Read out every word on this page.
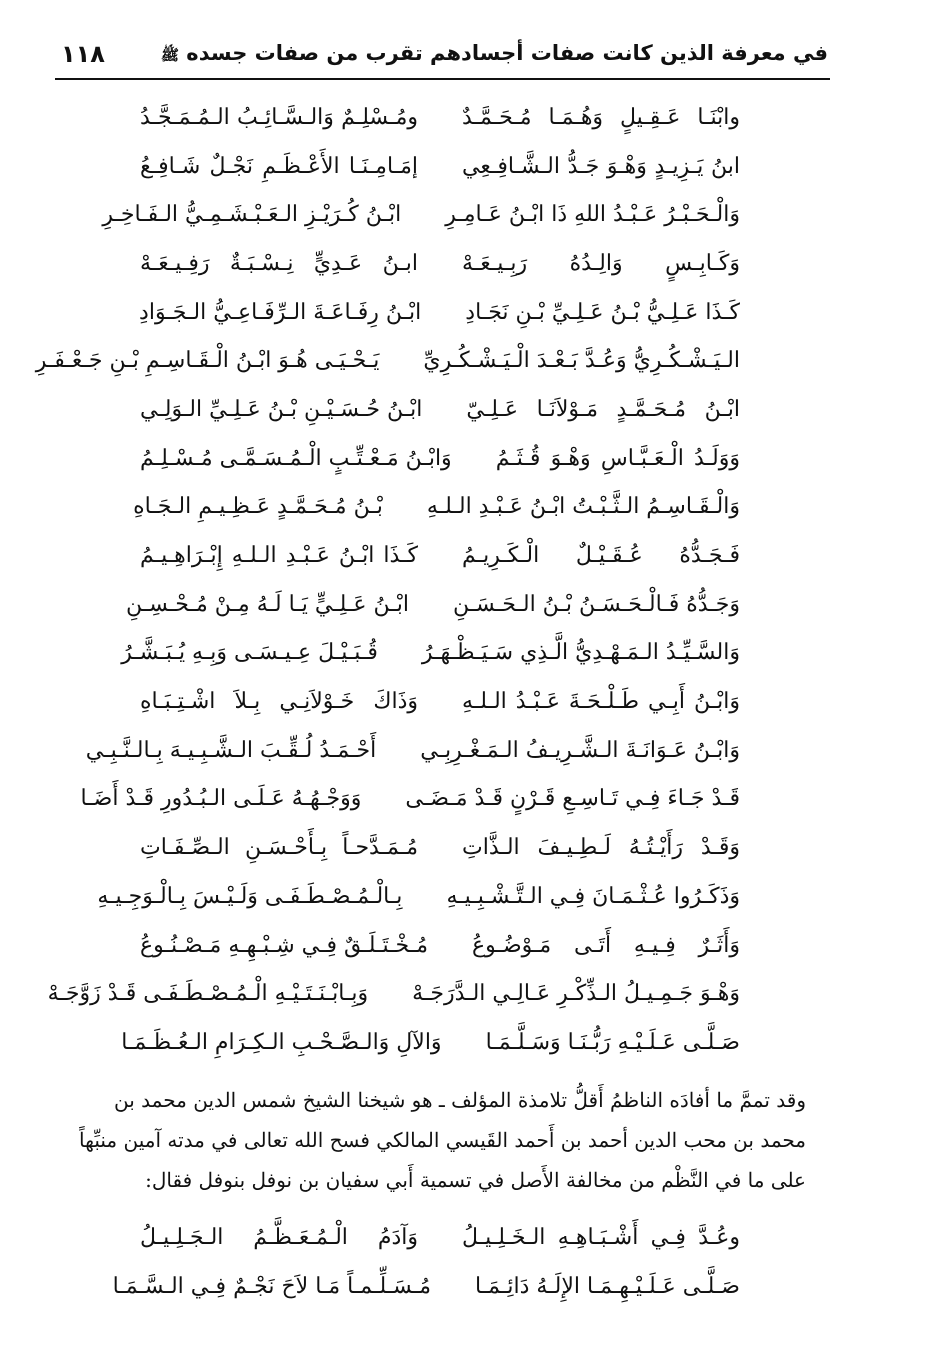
في معرفة الذين كانت صفات أجسادهم تقرب من صفات جسده ﷺ
١١٨
وابْنَـا عَـقِـيلٍ وَهُـمَـا مُـحَـمَّـدٌ
ومُـسْلِـمٌ وَالـسَّـائِـبُ الـمُـمَـجَّـدُ
ابنُ يَـزِيـدٍ وَهْـوَ جَـدُّ الـشَّـافِـعِي
إمَـامِـنَـا الأَعْـظَـمِ نَجْـلٌ شَـافِـعُ
وَالْـحَـبْـرُ عَـبْـدُ اللهِ ذَا ابْـنُ عَـامِـرِ
ابْـنُ كُـرَيْـزِ الـعَـبْـشَـمِـيُّ الـفَـاخِـرِ
وَكَـابِـسٍ وَالِـدُهُ رَبِـيـعَـهْ
ابـنُ عَـدِيٍّ نِـسْـبَـةٌ رَفِـيـعَـهْ
كَـذَا عَـلِـيُّ بْـنُ عَـلِـيِّ بْـنِ نَجَـادِ
ابْـنُ رِفَـاعَـةَ الـرِّفَـاعِـيُّ الـجَـوَادِ
الـيَـشْـكُـرِيُّ وَعُـدَّ بَـعْـدَ الْـيَـشْـكُـرِيِّ
يَـحْـيَـى هُـوَ ابْـنُ الْـقَـاسِـمِ بْـنِ جَـعْـفَـرِ
ابْـنُ مُـحَـمَّـدٍ مَـوْلاَنَـا عَـلِـيّ
ابْـنُ حُـسَـيْـنِ بْـنُ عَـلِـيِّ الـوَلِـي
وَوَلَـدُ الْـعَـبَّـاسِ وَهْـوَ قُـثَـمُ
وَابْـنُ مَـعْـتِّـبٍ الْـمُـسَـمَّـى مُـسْـلِـمُ
وَالْـقَـاسِـمُ الـثَّـبْـتُ ابْـنُ عَـبْـدِ الـلـهِ
بْـنُ مُـحَـمَّـدٍ عَـظِـيـمِ الـجَـاهِ
فَـجَـدُّهُ عُـقَـيْـلٌ الْـكَـرِيـمُ
كَـذَا ابْـنُ عَـبْـدِ الـلـهِ إِبْـرَاهِـيـمُ
وَجَـدُّهُ فَـالْـحَـسَـنُ بْـنُ الـحَـسَـنِ
ابْـنُ عَـلِـيٍّ يَـا لَـهُ مِـنْ مُـحْـسِـنِ
وَالسَّـيِّـدُ الـمَـهْـدِيُّ الَّـذِي سَـيَـظْـهَـرُ
قُـبَـيْـلَ عِـيـسَـى وَبِـهِ يُـبَـشَّـرُ
وَابْـنُ أَبِـي طَـلْـحَـةَ عَـبْـدُ الـلـهِ
وَذَاكَ خَـوْلاَنِـي بِـلاَ اشْـتِـبَـاهِ
وَابْـنُ عَـوَانَـةَ الـشَّـرِيـفُ الـمَـغْـرِبِـي
أَحْـمَـدُ لُـقِّـبَ الـشَّـبِـيـهَ بِـالـنَّـبِـي
قَـدْ جَـاءَ فِـي تَـاسِـعِ قَـرْنٍ قَـدْ مَـضَـى
وَوَجْـهُـهُ عَـلَـى الـبُـدُورِ قَـدْ أَضَـا
وَقَـدْ رَأَيْـتُـهُ لَـطِـيـفَ الـذَّاتِ
مُـمَـدَّحـاً بِـأَحْـسَـنِ الـصِّـفَـاتِ
وَذَكَـرُوا عُـثْـمَـانَ فِـي الـتَّـشْـبِـيـهِ
بِـالْـمُـصْـطَـفَـى وَلَـيْـسَ بِـالْـوَجِـيـهِ
وَأَثَـرٌ فِـيـهِ أَتَـى مَـوْضُـوعُ
مُـخْـتَـلَـقٌ فِـي شِـبْـهِـهِ مَـصْـنُـوعُ
وَهْـوَ جَـمِـيـلُ الـذِّكْـرِ عَـالِـي الـدَّرَجَـهْ
وَبِـابْـنَـتَـيْـهِ الْـمُـصْـطَـفَـى قَـدْ زَوَّجَـهْ
صَـلَّـى عَـلَـيْـهِ رَبُّـنَـا وَسَـلَّـمَـا
وَالآلِ وَالـصَّـحْـبِ الـكِـرَامِ الـعُـظَـمَـا
وقد تممَّ ما أفادَه الناظمُ أَقلُّ تلامذة المؤلف ـ هو شيخنا الشيخ شمس الدين محمد بن
محمد بن محب الدين أحمد بن أَحمد القَيسي المالكي فسح الله تعالى في مدته آمين منبِّهاً
على ما في النَّظْم من مخالفة الأَصل في تسمية أَبي سفيان بن نوفل بنوفل فقال:
وعُـدَّ فِـي أَشْـبَـاهِـهِ الـخَـلِـيـلُ
وَآدَمُ الْـمُـعَـظَّـمُ الـجَـلِـيـلُ
صَـلَّـى عَـلَـيْـهِـمَـا الإِلَـهُ دَائِـمَـا
مُـسَـلِّـمـاً مَـا لاَحَ نَجْـمٌ فِـي الـسَّـمَـا
